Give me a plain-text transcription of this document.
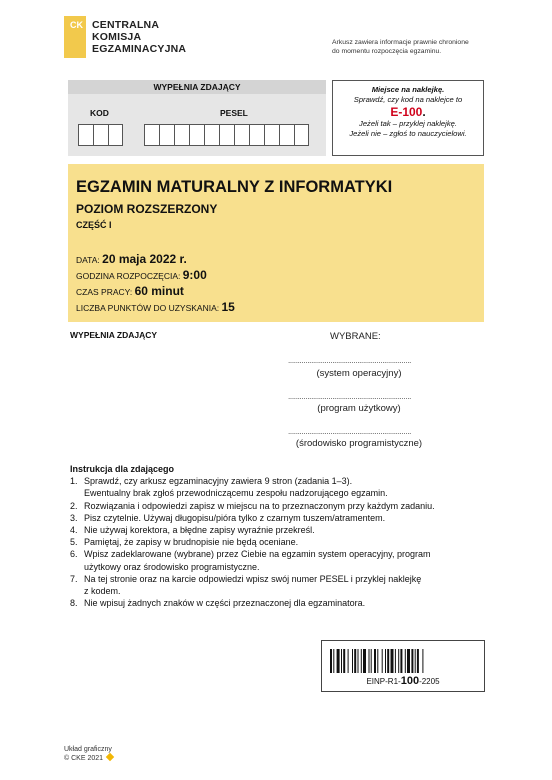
CK CENTRALNA
KOMISJA
EGZAMINACYJNA
Arkusz zawiera informacje prawnie chronione
do momentu rozpoczęcia egzaminu.
WYPEŁNIA ZDAJĄCY
KOD	PESEL
Miejsce na naklejkę.
Sprawdź, czy kod na naklejce to
E-100.
Jeżeli tak – przyklej naklejkę.
Jeżeli nie – zgłoś to nauczycielowi.
EGZAMIN MATURALNY Z INFORMATYKI
POZIOM ROZSZERZONY
CZĘŚĆ I
DATA: 20 maja 2022 r.
GODZINA ROZPOCZĘCIA: 9:00
CZAS PRACY: 60 minut
LICZBA PUNKTÓW DO UZYSKANIA: 15
WYPEŁNIA ZDAJĄCY	WYBRANE:
................................................................
(system operacyjny)
................................................................
(program użytkowy)
................................................................
(środowisko programistyczne)
Instrukcja dla zdającego
1. Sprawdź, czy arkusz egzaminacyjny zawiera 9 stron (zadania 1–3).
Ewentualny brak zgłoś przewodniczącemu zespołu nadzorującego egzamin.
2. Rozwiązania i odpowiedzi zapisz w miejscu na to przeznaczonym przy każdym zadaniu.
3. Pisz czytelnie. Używaj długopisu/pióra tylko z czarnym tuszem/atramentem.
4. Nie używaj korektora, a błędne zapisy wyraźnie przekreśl.
5. Pamiętaj, że zapisy w brudnopisie nie będą oceniane.
6. Wpisz zadeklarowane (wybrane) przez Ciebie na egzamin system operacyjny, program
użytkowy oraz środowisko programistyczne.
7. Na tej stronie oraz na karcie odpowiedzi wpisz swój numer PESEL i przyklej naklejkę
z kodem.
8. Nie wpisuj żadnych znaków w części przeznaczonej dla egzaminatora.
EINP-R1-100-2205
Układ graficzny
© CKE 2021
